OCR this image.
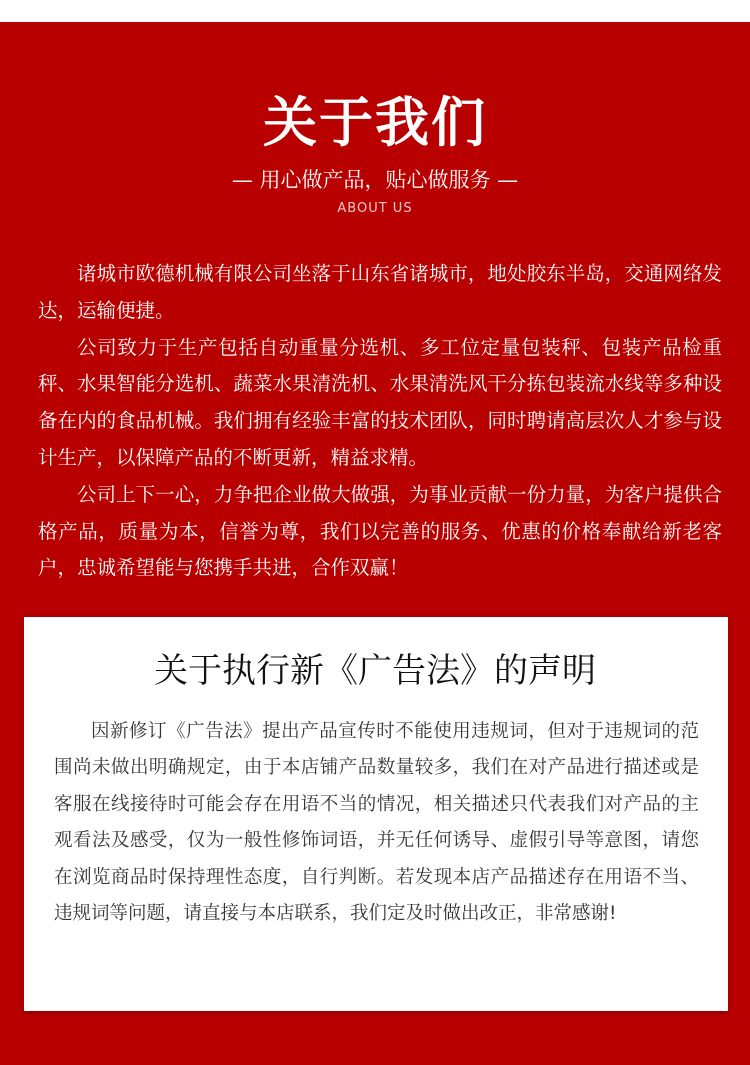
关于我们
— 用心做产品，贴心做服务 —
ABOUT US

诸城市欧德机械有限公司坐落于山东省诸城市，地处胶东半岛，交通网络发达，运输便捷。

公司致力于生产包括自动重量分选机、多工位定量包装秤、包装产品检重秤、水果智能分选机、蔬菜水果清洗机、水果清洗风干分拣包装流水线等多种设备在内的食品机械。我们拥有经验丰富的技术团队，同时聘请高层次人才参与设计生产，以保障产品的不断更新，精益求精。

公司上下一心，力争把企业做大做强，为事业贡献一份力量，为客户提供合格产品，质量为本，信誉为尊，我们以完善的服务、优惠的价格奉献给新老客户，忠诚希望能与您携手共进，合作双赢！

关于执行新《广告法》的声明

因新修订《广告法》提出产品宣传时不能使用违规词，但对于违规词的范围尚未做出明确规定，由于本店铺产品数量较多，我们在对产品进行描述或是客服在线接待时可能会存在用语不当的情况，相关描述只代表我们对产品的主观看法及感受，仅为一般性修饰词语，并无任何诱导、虚假引导等意图，请您在浏览商品时保持理性态度，自行判断。若发现本店产品描述存在用语不当、违规词等问题，请直接与本店联系，我们定及时做出改正，非常感谢!
